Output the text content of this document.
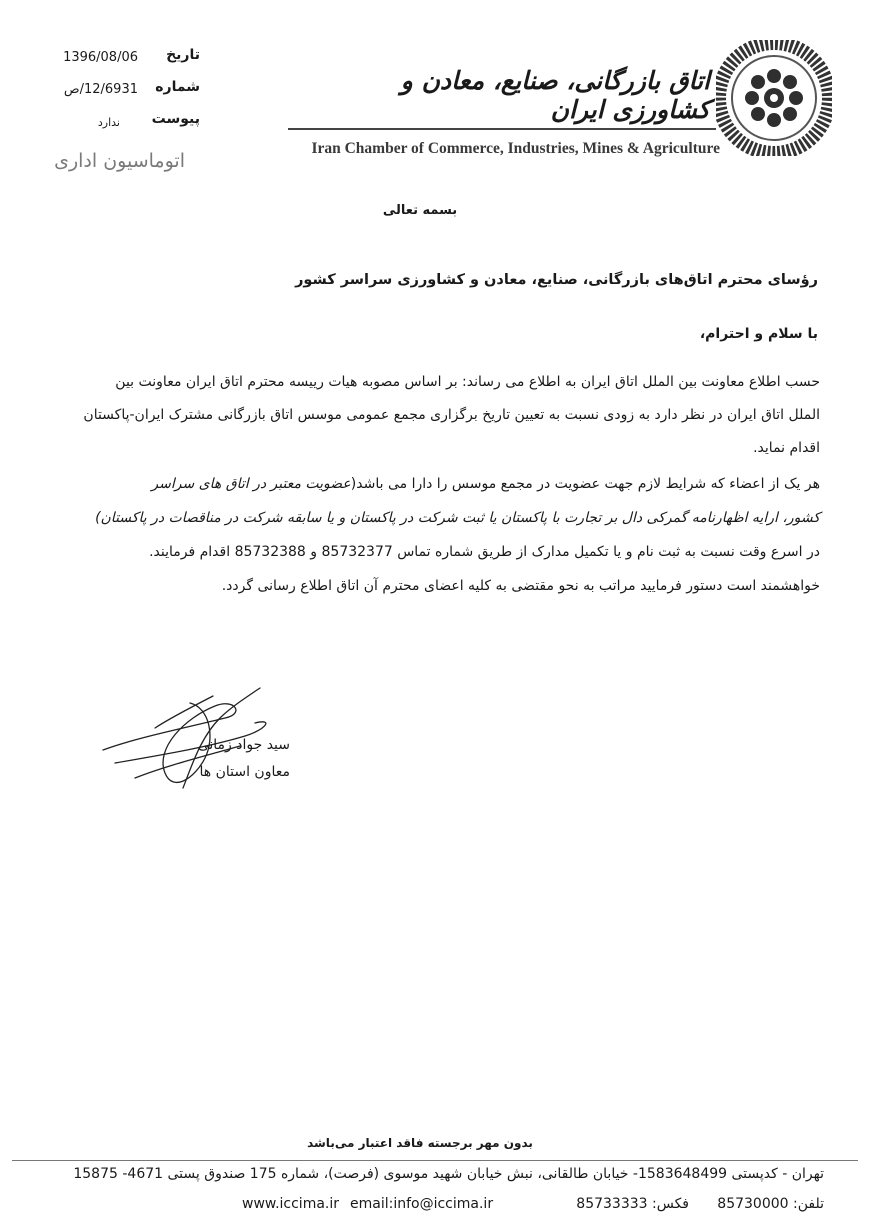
تاریخ
1396/08/06
شماره
12/6931/ص
پیوست
ندارد
اتوماسیون اداری
اتاق بازرگانی، صنایع، معادن و کشاورزی ایران
Iran Chamber of Commerce, Industries, Mines & Agriculture
بسمه تعالی
رؤسای محترم اتاق‌های بازرگانی، صنایع، معادن و کشاورزی سراسر کشور
با سلام و احترام،
حسب اطلاع معاونت بین الملل اتاق ایران به اطلاع می رساند: بر اساس مصوبه هیات رییسه محترم اتاق ایران معاونت بین
الملل اتاق ایران در نظر دارد به زودی نسبت به تعیین تاریخ برگزاری مجمع عمومی موسس اتاق بازرگانی مشترک ایران-پاکستان
اقدام نماید.
هر یک از اعضاء که شرایط لازم جهت عضویت در مجمع موسس را دارا می باشد(عضویت معتبر در اتاق های سراسر
کشور، ارایه اظهارنامه گمرکی دال بر تجارت با پاکستان یا ثبت شرکت در پاکستان و یا سابقه شرکت در مناقصات در پاکستان)
در اسرع وقت نسبت به ثبت نام و یا تکمیل مدارک از طریق شماره تماس 85732377 و 85732388 اقدام فرمایند.
خواهشمند است دستور فرمایید مراتب به نحو مقتضی به کلیه اعضای محترم آن اتاق اطلاع رسانی گردد.
سید جواد زمانی
معاون استان ها
بدون مهر برجسته فاقد اعتبار می‌باشد
تهران - کدپستی 1583648499- خیابان طالقانی، نبش خیابان شهید موسوی (فرصت)، شماره 175 صندوق پستی 4671- 15875
تلفن: 85730000
فکس: 85733333
email:info@iccima.ir
www.iccima.ir
